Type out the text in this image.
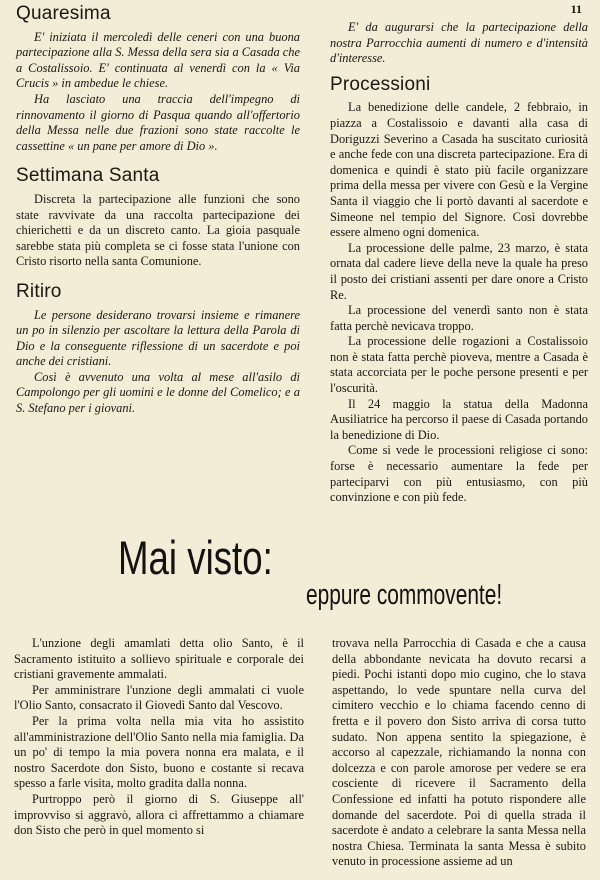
11
Quaresima

E' iniziata il mercoledì delle ceneri con una buona partecipazione alla S. Messa della sera sia a Casada che a Costalissoio. E' continuata al venerdì con la « Via Crucis » in ambedue le chiese.

Ha lasciato una traccia dell'impegno di rinnovamento il giorno di Pasqua quando all'offertorio della Messa nelle due frazioni sono state raccolte le cassettine « un pane per amore di Dio ».

Settimana Santa

Discreta la partecipazione alle funzioni che sono state ravvivate da una raccolta partecipazione dei chierichetti e da un discreto canto. La gioia pasquale sarebbe stata più completa se ci fosse stata l'unione con Cristo risorto nella santa Comunione.

Ritiro

Le persone desiderano trovarsi insieme e rimanere un po in silenzio per ascoltare la lettura della Parola di Dio e la conseguente riflessione di un sacerdote e poi anche dei cristiani.

Così è avvenuto una volta al mese all'asilo di Campolongo per gli uomini e le donne del Comelico; e a S. Stefano per i giovani.

E' da augurarsi che la partecipazione della nostra Parrocchia aumenti di numero e d'intensità d'interesse.

Processioni

La benedizione delle candele, 2 febbraio, in piazza a Costalissoio e davanti alla casa di Doriguzzi Severino a Casada ha suscitato curiosità e anche fede con una discreta partecipazione. Era di domenica e quindi è stato più facile organizzare prima della messa per vivere con Gesù e la Vergine Santa il viaggio che li portò davanti al sacerdote e Simeone nel tempio del Signore. Così dovrebbe essere almeno ogni domenica.

La processione delle palme, 23 marzo, è stata ornata dal cadere lieve della neve la quale ha preso il posto dei cristiani assenti per dare onore a Cristo Re.

La processione del venerdì santo non è stata fatta perchè nevicava troppo.

La processione delle rogazioni a Costalissoio non è stata fatta perchè pioveva, mentre a Casada è stata accorciata per le poche persone presenti e per l'oscurità.

Il 24 maggio la statua della Madonna Ausiliatrice ha percorso il paese di Casada portando la benedizione di Dio.

Come si vede le processioni religiose ci sono: forse è necessario aumentare la fede per parteciparvi con più entusiasmo, con più convinzione e con più fede.

Mai visto:
eppure commovente!

L'unzione degli amamlati detta olio Santo, è il Sacramento istituito a sollievo spirituale e corporale dei cristiani gravemente ammalati.

Per amministrare l'unzione degli ammalati ci vuole l'Olio Santo, consacrato il Giovedì Santo dal Vescovo.

Per la prima volta nella mia vita ho assistito all'amministrazione dell'Olio Santo nella mia famiglia. Da un po' di tempo la mia povera nonna era malata, e il nostro Sacerdote don Sisto, buono e costante si recava spesso a farle visita, molto gradita dalla nonna.

Purtroppo però il giorno di S. Giuseppe all' improvviso si aggravò, allora ci affrettammo a chiamare don Sisto che però in quel momento si

trovava nella Parrocchia di Casada e che a causa della abbondante nevicata ha dovuto recarsi a piedi. Pochi istanti dopo mio cugino, che lo stava aspettando, lo vede spuntare nella curva del cimitero vecchio e lo chiama facendo cenno di fretta e il povero don Sisto arriva di corsa tutto sudato. Non appena sentito la spiegazione, è accorso al capezzale, richiamando la nonna con dolcezza e con parole amorose per vedere se era cosciente di ricevere il Sacramento della Confessione ed infatti ha potuto rispondere alle domande del sacerdote. Poi di quella strada il sacerdote è andato a celebrare la santa Messa nella nostra Chiesa. Terminata la santa Messa è subito venuto in processione assieme ad un
